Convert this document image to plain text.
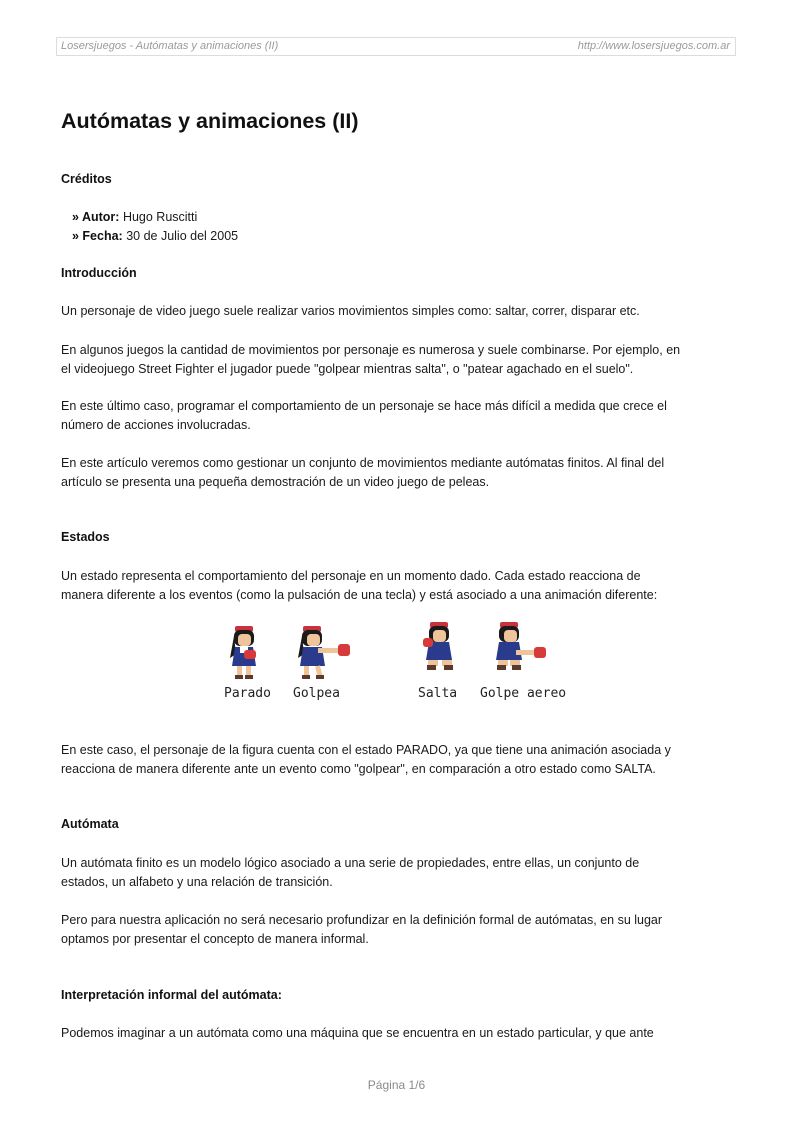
Losersjuegos - Autómatas y animaciones (II)	http://www.losersjuegos.com.ar
Autómatas y animaciones (II)

Créditos

» Autor: Hugo Ruscitti
» Fecha: 30 de Julio del 2005

Introducción

Un personaje de video juego suele realizar varios movimientos simples como: saltar, correr, disparar etc.

En algunos juegos la cantidad de movimientos por personaje es numerosa y suele combinarse. Por ejemplo, en
el videojuego Street Fighter el jugador puede "golpear mientras salta", o "patear agachado en el suelo".

En este último caso, programar el comportamiento de un personaje se hace más difícil a medida que crece el
número de acciones involucradas.

En este artículo veremos como gestionar un conjunto de movimientos mediante autómatas finitos. Al final del
artículo se presenta una pequeña demostración de un video juego de peleas.

Estados

Un estado representa el comportamiento del personaje en un momento dado. Cada estado reacciona de
manera diferente a los eventos (como la pulsación de una tecla) y está asociado a una animación diferente:

Parado Golpea	Salta Golpe aereo

En este caso, el personaje de la figura cuenta con el estado PARADO, ya que tiene una animación asociada y
reacciona de manera diferente ante un evento como "golpear", en comparación a otro estado como SALTA.

Autómata

Un autómata finito es un modelo lógico asociado a una serie de propiedades, entre ellas, un conjunto de
estados, un alfabeto y una relación de transición.

Pero para nuestra aplicación no será necesario profundizar en la definición formal de autómatas, en su lugar
optamos por presentar el concepto de manera informal.

Interpretación informal del autómata:

Podemos imaginar a un autómata como una máquina que se encuentra en un estado particular, y que ante

Página 1/6
